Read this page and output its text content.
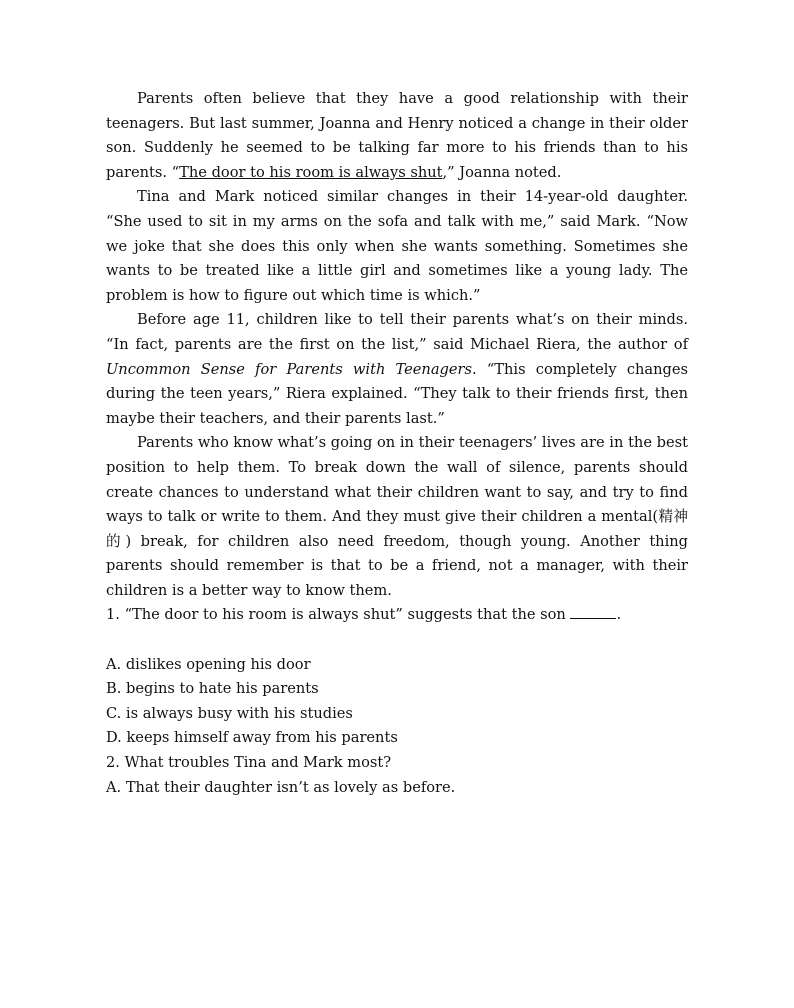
Parents often believe that they have a good relationship with their teenagers. But last summer, Joanna and Henry noticed a change in their older son. Suddenly he seemed to be talking far more to his friends than to his parents. “The door to his room is always shut,” Joanna noted.

Tina and Mark noticed similar changes in their 14-year-old daughter. “She used to sit in my arms on the sofa and talk with me,” said Mark. “Now we joke that she does this only when she wants something. Sometimes she wants to be treated like a little girl and sometimes like a young lady. The problem is how to figure out which time is which.”

Before age 11, children like to tell their parents what’s on their minds. “In fact, parents are the first on the list,” said Michael Riera, the author of Uncommon Sense for Parents with Teenagers. “This completely changes during the teen years,” Riera explained. “They talk to their friends first, then maybe their teachers, and their parents last.”

Parents who know what’s going on in their teenagers’ lives are in the best position to help them. To break down the wall of silence, parents should create chances to understand what their children want to say, and try to find ways to talk or write to them. And they must give their children a mental(精神的) break, for children also need freedom, though young. Another thing parents should remember is that to be a friend, not a manager, with their children is a better way to know them.

1. “The door to his room is always shut” suggests that the son	.

A. dislikes opening his door

B. begins to hate his parents

C. is always busy with his studies

D. keeps himself away from his parents

2. What troubles Tina and Mark most?

A. That their daughter isn’t as lovely as before.
